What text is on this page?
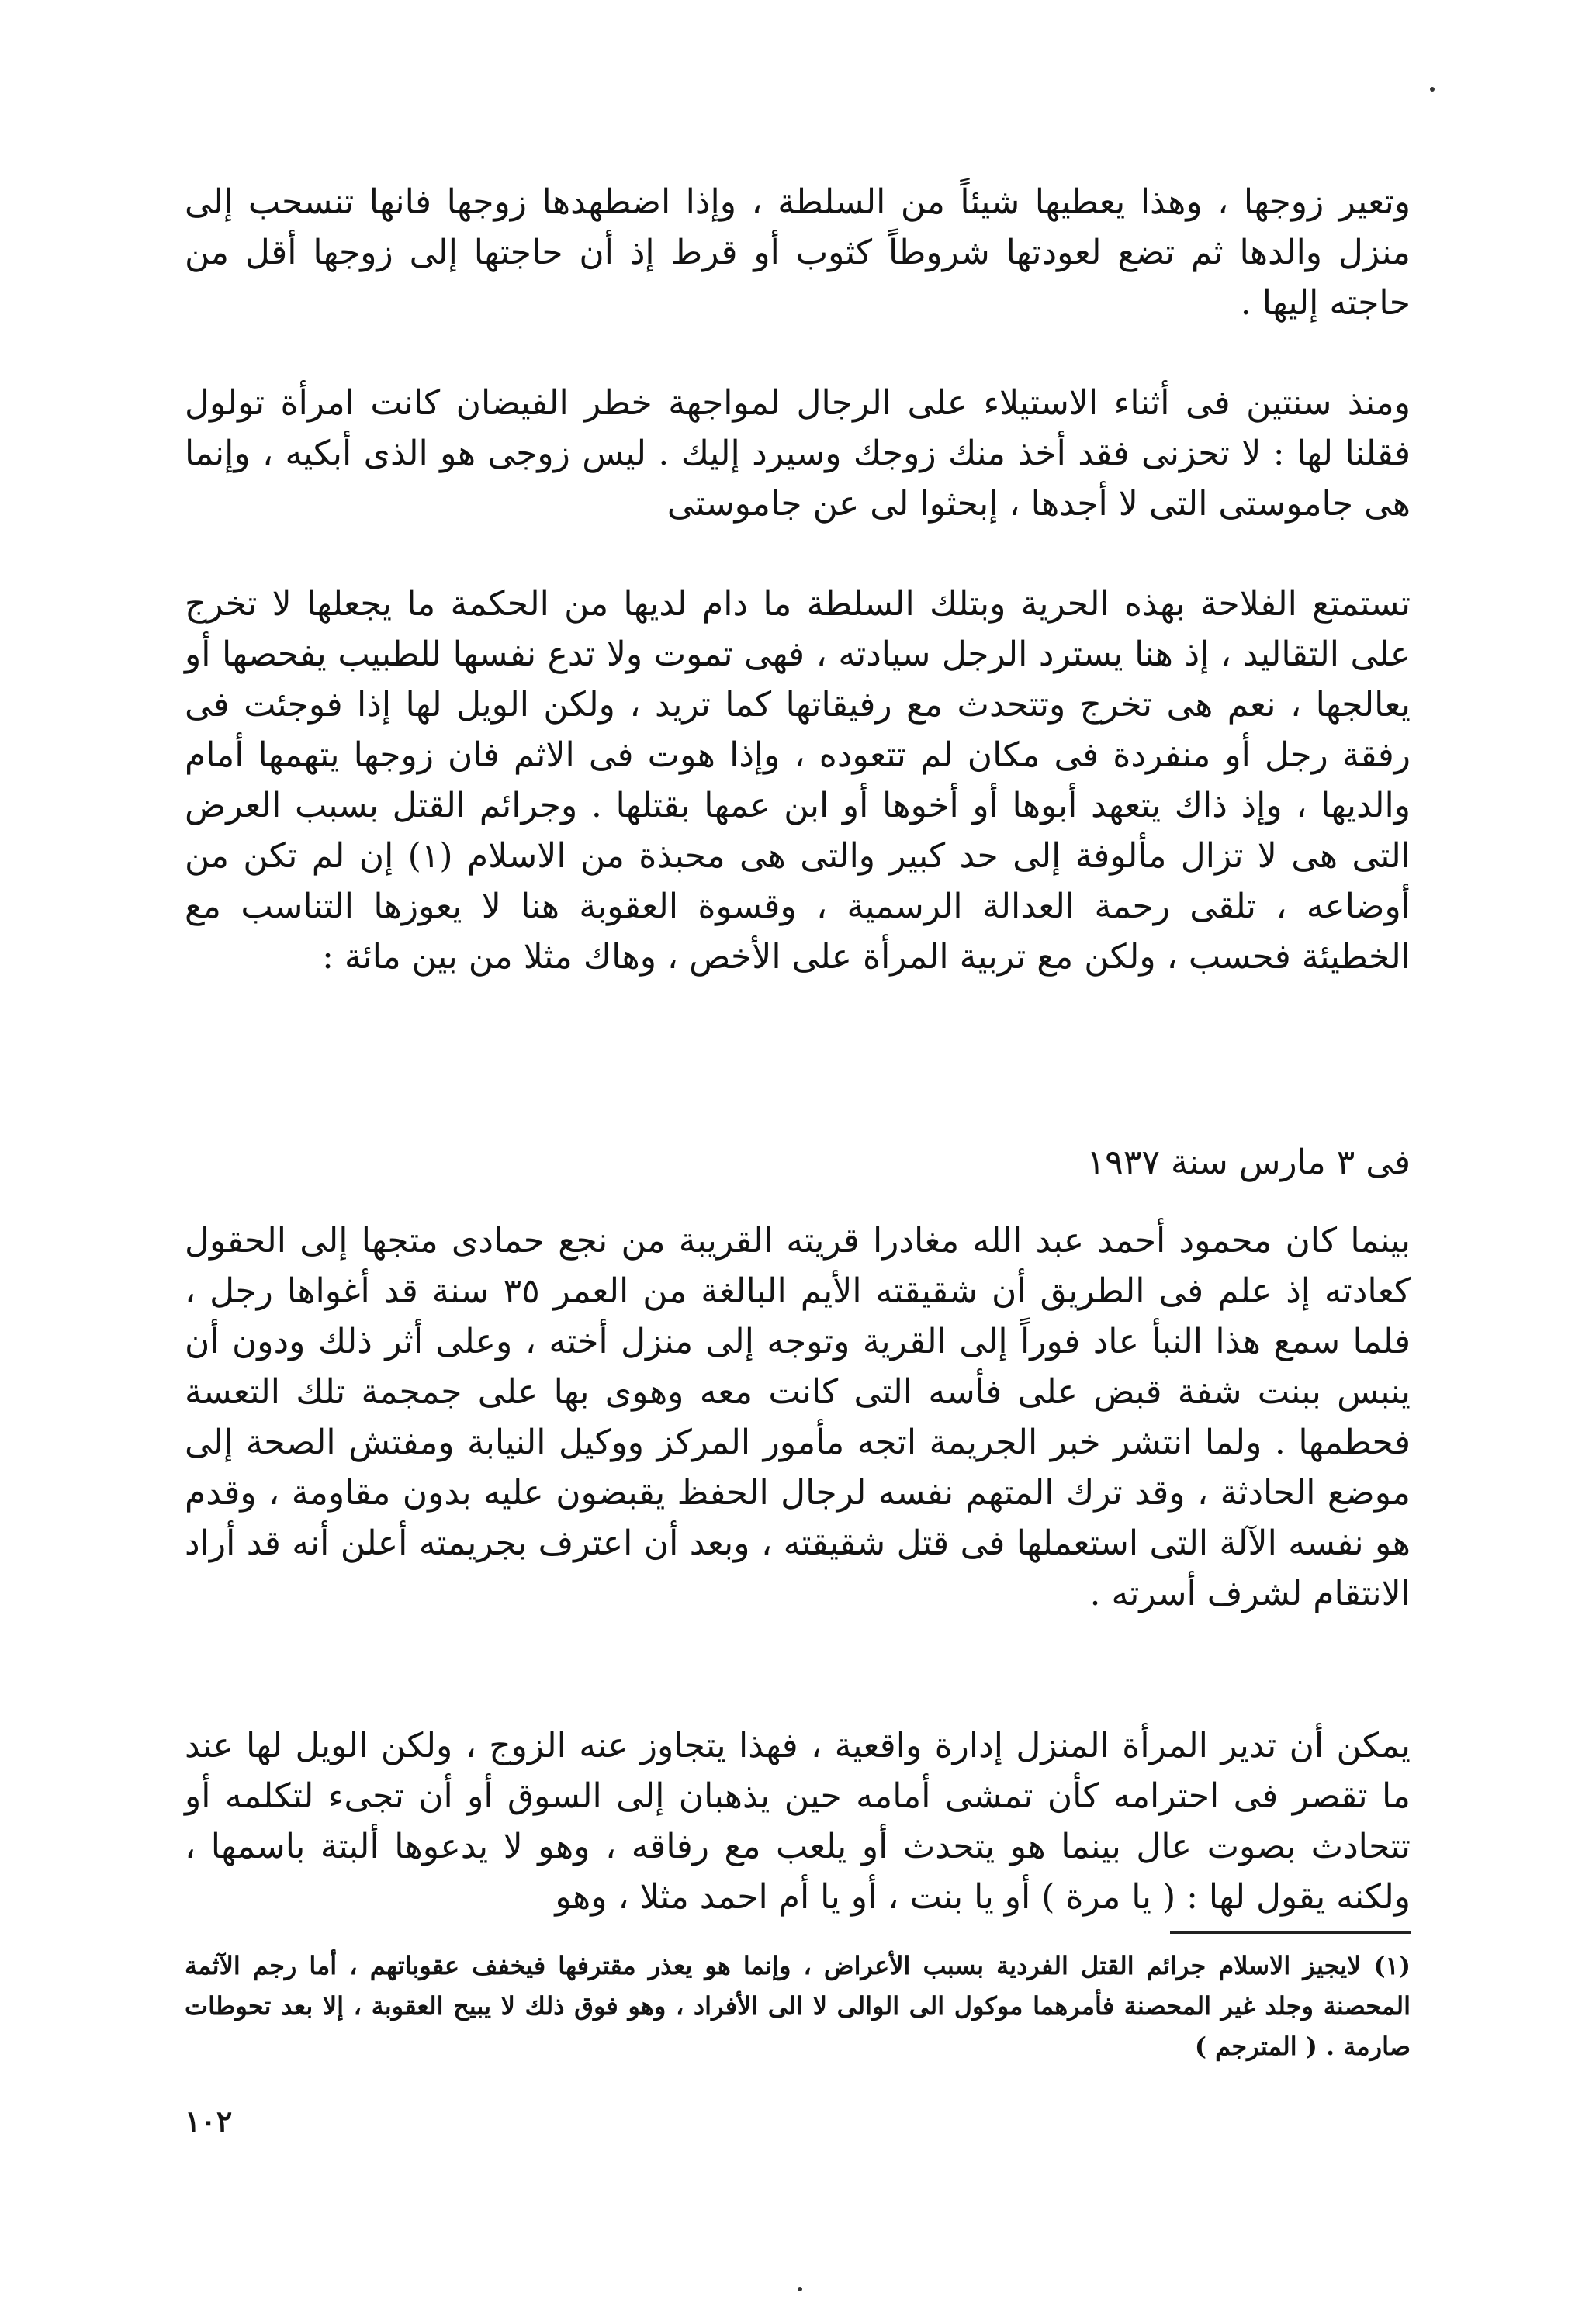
وتعير زوجها ، وهذا يعطيها شيئاً من السلطة ، وإذا اضطهدها زوجها فانها تنسحب إلى منزل والدها ثم تضع لعودتها شروطاً كثوب أو قرط إذ أن حاجتها إلى زوجها أقل من حاجته إليها .

ومنذ سنتين فى أثناء الاستيلاء على الرجال لمواجهة خطر الفيضان كانت امرأة تولول فقلنا لها : لا تحزنى فقد أخذ منك زوجك وسيرد إليك . ليس زوجى هو الذى أبكيه ، وإنما هى جاموستى التى لا أجدها ، إبحثوا لى عن جاموستى

تستمتع الفلاحة بهذه الحرية وبتلك السلطة ما دام لديها من الحكمة ما يجعلها لا تخرج على التقاليد ، إذ هنا يسترد الرجل سيادته ، فهى تموت ولا تدع نفسها للطبيب يفحصها أو يعالجها ، نعم هى تخرج وتتحدث مع رفيقاتها كما تريد ، ولكن الويل لها إذا فوجئت فى رفقة رجل أو منفردة فى مكان لم تتعوده ، وإذا هوت فى الاثم فان زوجها يتهمها أمام والديها ، وإذ ذاك يتعهد أبوها أو أخوها أو ابن عمها بقتلها . وجرائم القتل بسبب العرض التى هى لا تزال مألوفة إلى حد كبير والتى هى محبذة من الاسلام (١) إن لم تكن من أوضاعه ، تلقى رحمة العدالة الرسمية ، وقسوة العقوبة هنا لا يعوزها التناسب مع الخطيئة فحسب ، ولكن مع تربية المرأة على الأخص ، وهاك مثلا من بين مائة :

فى ٣ مارس سنة ١٩٣٧

بينما كان محمود أحمد عبد الله مغادرا قريته القريبة من نجع حمادى متجها إلى الحقول كعادته إذ علم فى الطريق أن شقيقته الأيم البالغة من العمر ٣٥ سنة قد أغواها رجل ، فلما سمع هذا النبأ عاد فوراً إلى القرية وتوجه إلى منزل أخته ، وعلى أثر ذلك ودون أن ينبس ببنت شفة قبض على فأسه التى كانت معه وهوى بها على جمجمة تلك التعسة فحطمها . ولما انتشر خبر الجريمة اتجه مأمور المركز ووكيل النيابة ومفتش الصحة إلى موضع الحادثة ، وقد ترك المتهم نفسه لرجال الحفظ يقبضون عليه بدون مقاومة ، وقدم هو نفسه الآلة التى استعملها فى قتل شقيقته ، وبعد أن اعترف بجريمته أعلن أنه قد أراد الانتقام لشرف أسرته .

يمكن أن تدير المرأة المنزل إدارة واقعية ، فهذا يتجاوز عنه الزوج ، ولكن الويل لها عند ما تقصر فى احترامه كأن تمشى أمامه حين يذهبان إلى السوق أو أن تجىء لتكلمه أو تتحادث بصوت عال بينما هو يتحدث أو يلعب مع رفاقه ، وهو لا يدعوها ألبتة باسمها ، ولكنه يقول لها : ( يا مرة ) أو يا بنت ، أو يا أم احمد مثلا ، وهو

(١) لايجيز الاسلام جرائم القتل الفردية بسبب الأعراض ، وإنما هو يعذر مقترفها فيخفف عقوباتهم ، أما رجم الآثمة المحصنة وجلد غير المحصنة فأمرهما موكول الى الوالى لا الى الأفراد ، وهو فوق ذلك لا يبيح العقوبة ، إلا بعد تحوطات صارمة . ( المترجم )

١٠٢
